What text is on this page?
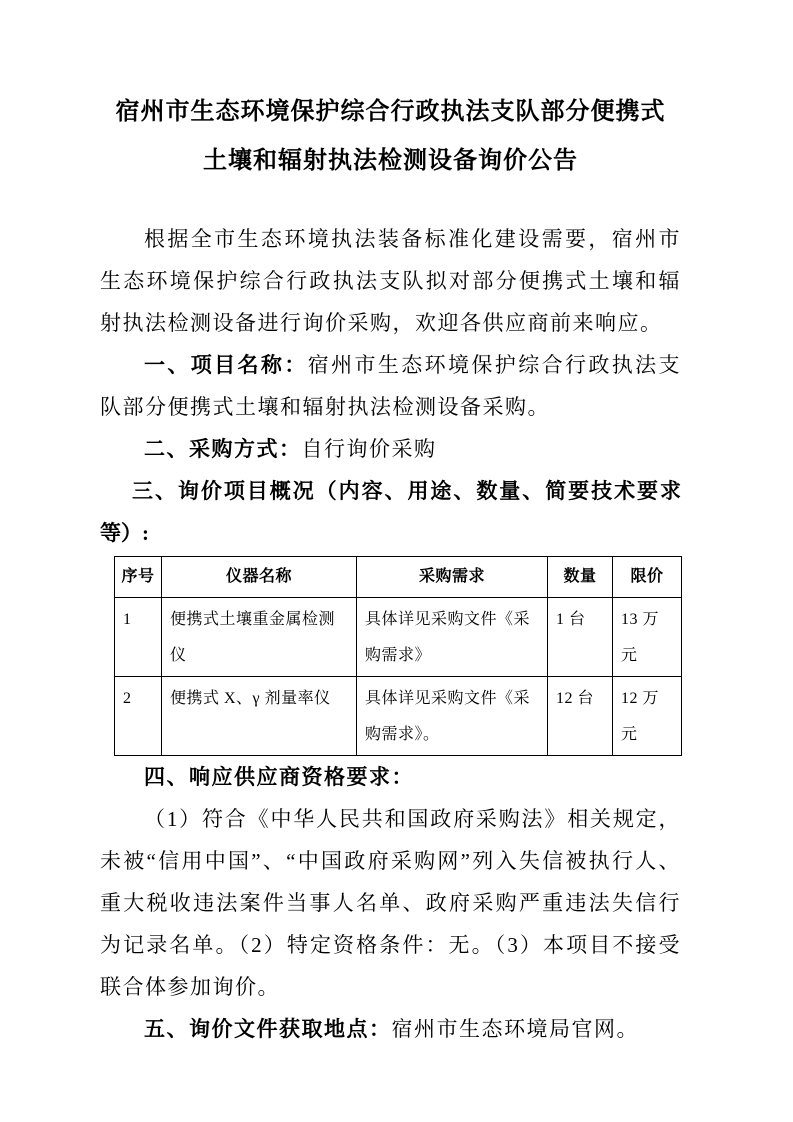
宿州市生态环境保护综合行政执法支队部分便携式
土壤和辐射执法检测设备询价公告

根据全市生态环境执法装备标准化建设需要，宿州市生态环境保护综合行政执法支队拟对部分便携式土壤和辐射执法检测设备进行询价采购，欢迎各供应商前来响应。

一、项目名称：宿州市生态环境保护综合行政执法支队部分便携式土壤和辐射执法检测设备采购。

二、采购方式：自行询价采购

三、询价项目概况（内容、用途、数量、简要技术要求等）:

序号	仪器名称	采购需求	数量	限价
1	便携式土壤重金属检测仪	具体详见采购文件《采购需求》	1 台	13 万元
2	便携式 X、γ 剂量率仪	具体详见采购文件《采购需求》。	12 台	12 万元

四、响应供应商资格要求：

（1）符合《中华人民共和国政府采购法》相关规定，未被“信用中国”、“中国政府采购网”列入失信被执行人、重大税收违法案件当事人名单、政府采购严重违法失信行为记录名单。（2）特定资格条件：无。（3）本项目不接受联合体参加询价。

五、询价文件获取地点：宿州市生态环境局官网。
